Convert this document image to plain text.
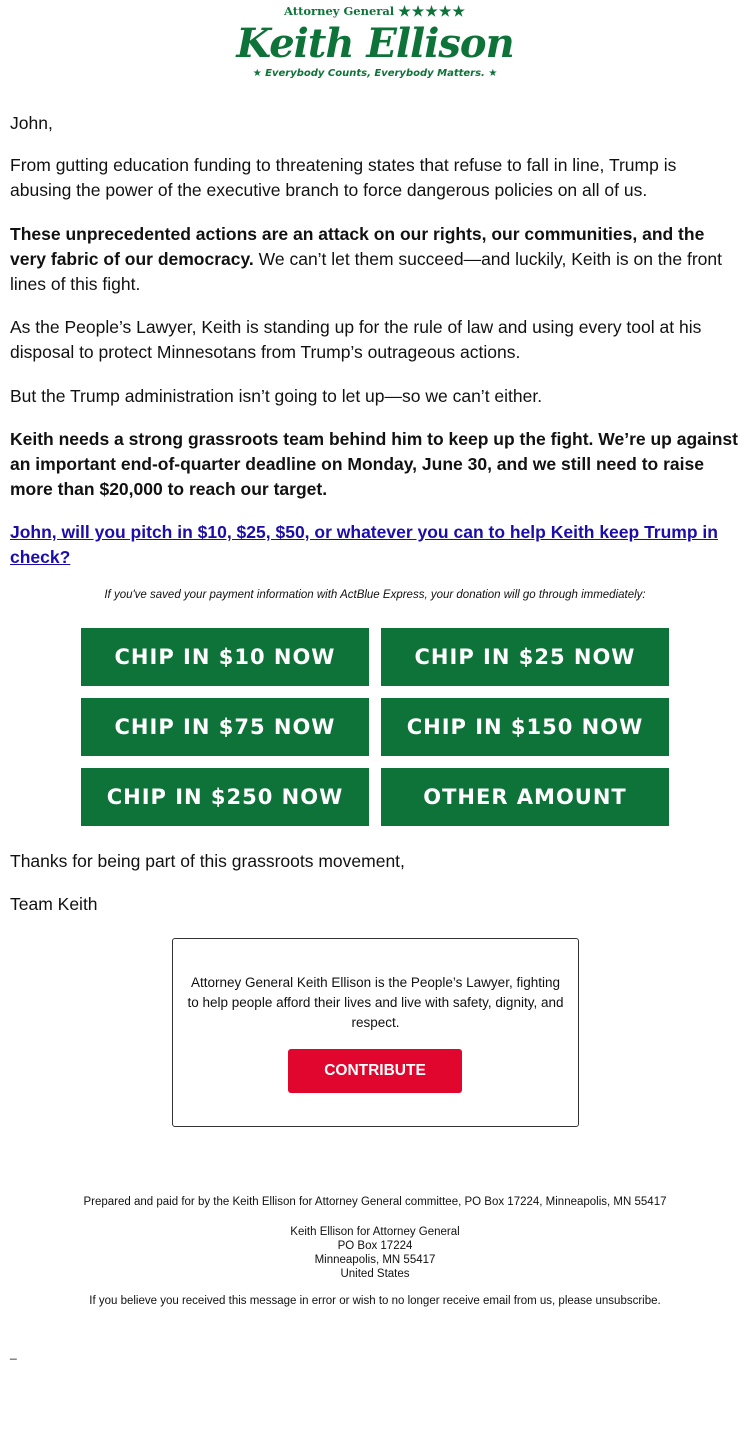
Attorney General ★★★★★
Keith Ellison
★ Everybody Counts, Everybody Matters. ★

John,

From gutting education funding to threatening states that refuse to fall in line, Trump is abusing the power of the executive branch to force dangerous policies on all of us.

These unprecedented actions are an attack on our rights, our communities, and the very fabric of our democracy. We can’t let them succeed—and luckily, Keith is on the front lines of this fight.

As the People’s Lawyer, Keith is standing up for the rule of law and using every tool at his disposal to protect Minnesotans from Trump’s outrageous actions.

But the Trump administration isn’t going to let up—so we can’t either.

Keith needs a strong grassroots team behind him to keep up the fight. We’re up against an important end-of-quarter deadline on Monday, June 30, and we still need to raise more than $20,000 to reach our target.

John, will you pitch in $10, $25, $50, or whatever you can to help Keith keep Trump in check?
If you've saved your payment information with ActBlue Express, your donation will go through immediately:
CHIP IN $10 NOW	CHIP IN $25 NOW
CHIP IN $75 NOW	CHIP IN $150 NOW
CHIP IN $250 NOW	OTHER AMOUNT

Thanks for being part of this grassroots movement,

Team Keith

Attorney General Keith Ellison is the People’s Lawyer, fighting to help people afford their lives and live with safety, dignity, and respect.

CONTRIBUTE

Prepared and paid for by the Keith Ellison for Attorney General committee, PO Box 17224, Minneapolis, MN 55417

Keith Ellison for Attorney General
PO Box 17224
Minneapolis, MN 55417
United States

If you believe you received this message in error or wish to no longer receive email from us, please unsubscribe.

_
